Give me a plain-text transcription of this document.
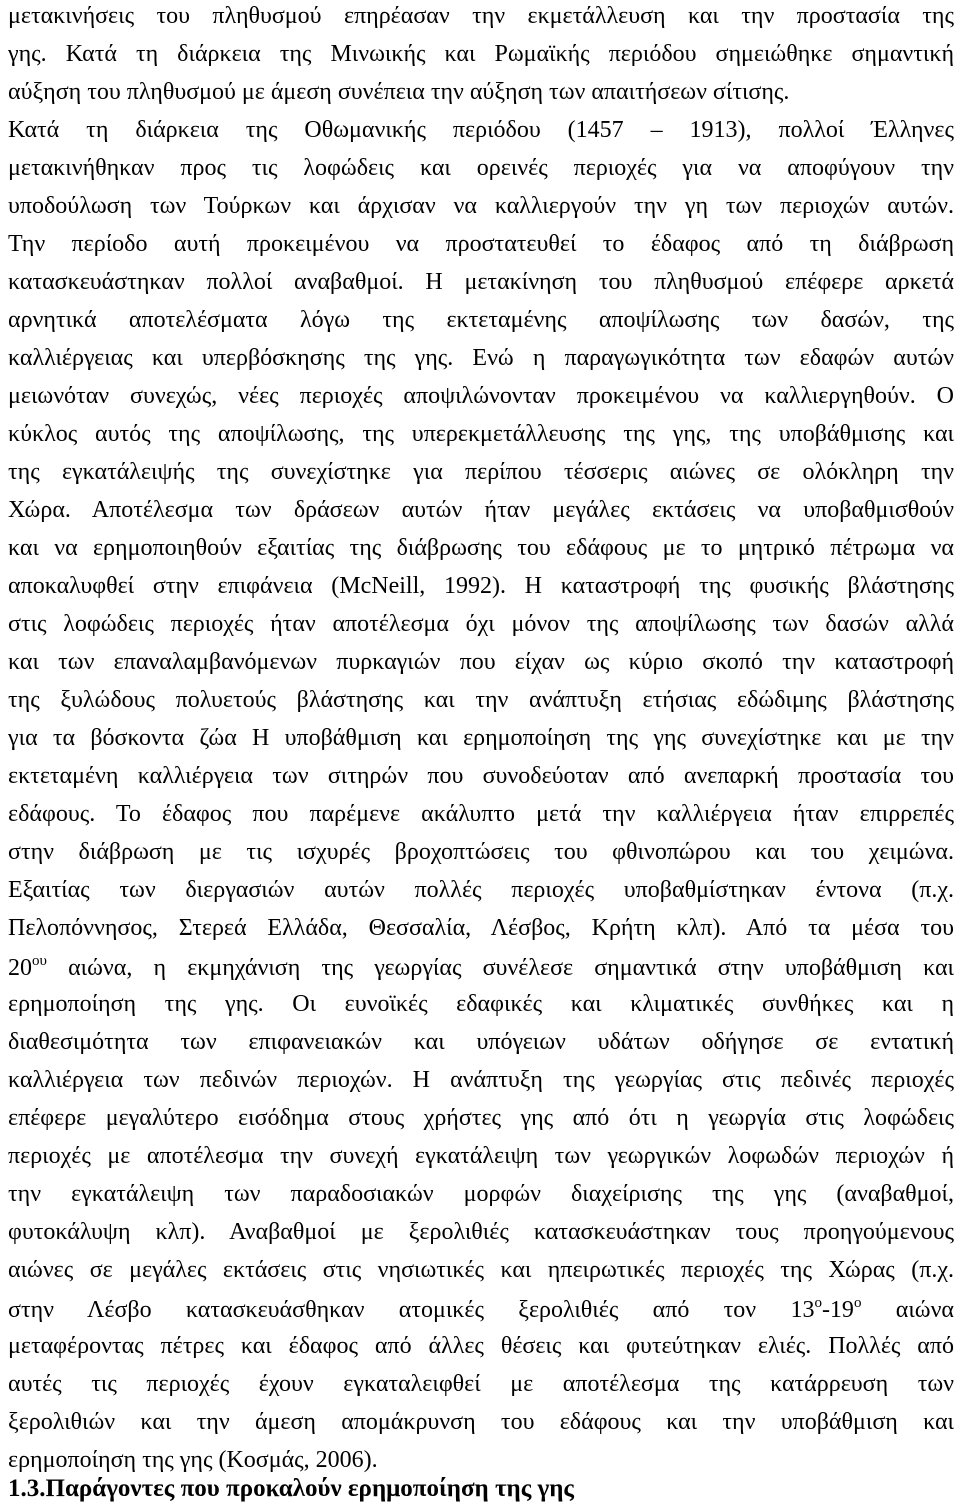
μετακινήσεις του πληθυσμού επηρέασαν την εκμετάλλευση και την προστασία της
γης. Κατά τη διάρκεια της Μινωικής και Ρωμαϊκής περιόδου σημειώθηκε σημαντική
αύξηση του πληθυσμού με άμεση συνέπεια την αύξηση των απαιτήσεων σίτισης.
Κατά τη διάρκεια της Οθωμανικής περιόδου (1457 – 1913), πολλοί Έλληνες
μετακινήθηκαν προς τις λοφώδεις και ορεινές περιοχές για να αποφύγουν την
υποδούλωση των Τούρκων και άρχισαν να καλλιεργούν την γη των περιοχών αυτών.
Την περίοδο αυτή προκειμένου να προστατευθεί το έδαφος από τη διάβρωση
κατασκευάστηκαν πολλοί αναβαθμοί. Η μετακίνηση του πληθυσμού επέφερε αρκετά
αρνητικά αποτελέσματα λόγω της εκτεταμένης αποψίλωσης των δασών, της
καλλιέργειας και υπερβόσκησης της γης. Ενώ η παραγωγικότητα των εδαφών αυτών
μειωνόταν συνεχώς, νέες περιοχές αποψιλώνονταν προκειμένου να καλλιεργηθούν. Ο
κύκλος αυτός της αποψίλωσης, της υπερεκμετάλλευσης της γης, της υποβάθμισης και
της εγκατάλειψής της συνεχίστηκε για περίπου τέσσερις αιώνες σε ολόκληρη την
Χώρα. Αποτέλεσμα των δράσεων αυτών ήταν μεγάλες εκτάσεις να υποβαθμισθούν
και να ερημοποιηθούν εξαιτίας της διάβρωσης του εδάφους με το μητρικό πέτρωμα να
αποκαλυφθεί στην επιφάνεια (McNeill, 1992). Η καταστροφή της φυσικής βλάστησης
στις λοφώδεις περιοχές ήταν αποτέλεσμα όχι μόνον της αποψίλωσης των δασών αλλά
και των επαναλαμβανόμενων πυρκαγιών που είχαν ως κύριο σκοπό την καταστροφή
της ξυλώδους πολυετούς βλάστησης και την ανάπτυξη ετήσιας εδώδιμης βλάστησης
για τα βόσκοντα ζώα Η υποβάθμιση και ερημοποίηση της γης συνεχίστηκε και με την
εκτεταμένη καλλιέργεια των σιτηρών που συνοδεύοταν από ανεπαρκή προστασία του
εδάφους. Το έδαφος που παρέμενε ακάλυπτο μετά την καλλιέργεια ήταν επιρρεπές
στην διάβρωση με τις ισχυρές βροχοπτώσεις του φθινοπώρου και του χειμώνα.
Εξαιτίας των διεργασιών αυτών πολλές περιοχές υποβαθμίστηκαν έντονα (π.χ.
Πελοπόννησος, Στερεά Ελλάδα, Θεσσαλία, Λέσβος, Κρήτη κλπ). Από τα μέσα του
$20^{o\upsilon}$ αιώνα, η εκμηχάνιση της γεωργίας συνέλεσε σημαντικά στην υποβάθμιση και
ερημοποίηση της γης. Οι ευνοϊκές εδαφικές και κλιματικές συνθήκες και η
διαθεσιμότητα των επιφανειακών και υπόγειων υδάτων οδήγησε σε εντατική
καλλιέργεια των πεδινών περιοχών. Η ανάπτυξη της γεωργίας στις πεδινές περιοχές
επέφερε μεγαλύτερο εισόδημα στους χρήστες γης από ότι η γεωργία στις λοφώδεις
περιοχές με αποτέλεσμα την συνεχή εγκατάλειψη των γεωργικών λοφωδών περιοχών ή
την εγκατάλειψη των παραδοσιακών μορφών διαχείρισης της γης (αναβαθμοί,
φυτοκάλυψη κλπ). Αναβαθμοί με ξερολιθιές κατασκευάστηκαν τους προηγούμενους
αιώνες σε μεγάλες εκτάσεις στις νησιωτικές και ηπειρωτικές περιοχές της Χώρας (π.χ.
στην Λέσβο κατασκευάσθηκαν ατομικές ξερολιθιές από τον $13^o-19^o$ αιώνα
μεταφέροντας πέτρες και έδαφος από άλλες θέσεις και φυτεύτηκαν ελιές. Πολλές από
αυτές τις περιοχές έχουν εγκαταλειφθεί με αποτέλεσμα της κατάρρευση των
ξερολιθιών και την άμεση απομάκρυνση του εδάφους και την υποβάθμιση και
1.3.Παράγοντες που προκαλούν ερημοποίηση της γης
ερημοποίηση της γης (Κοσμάς, 2006).
